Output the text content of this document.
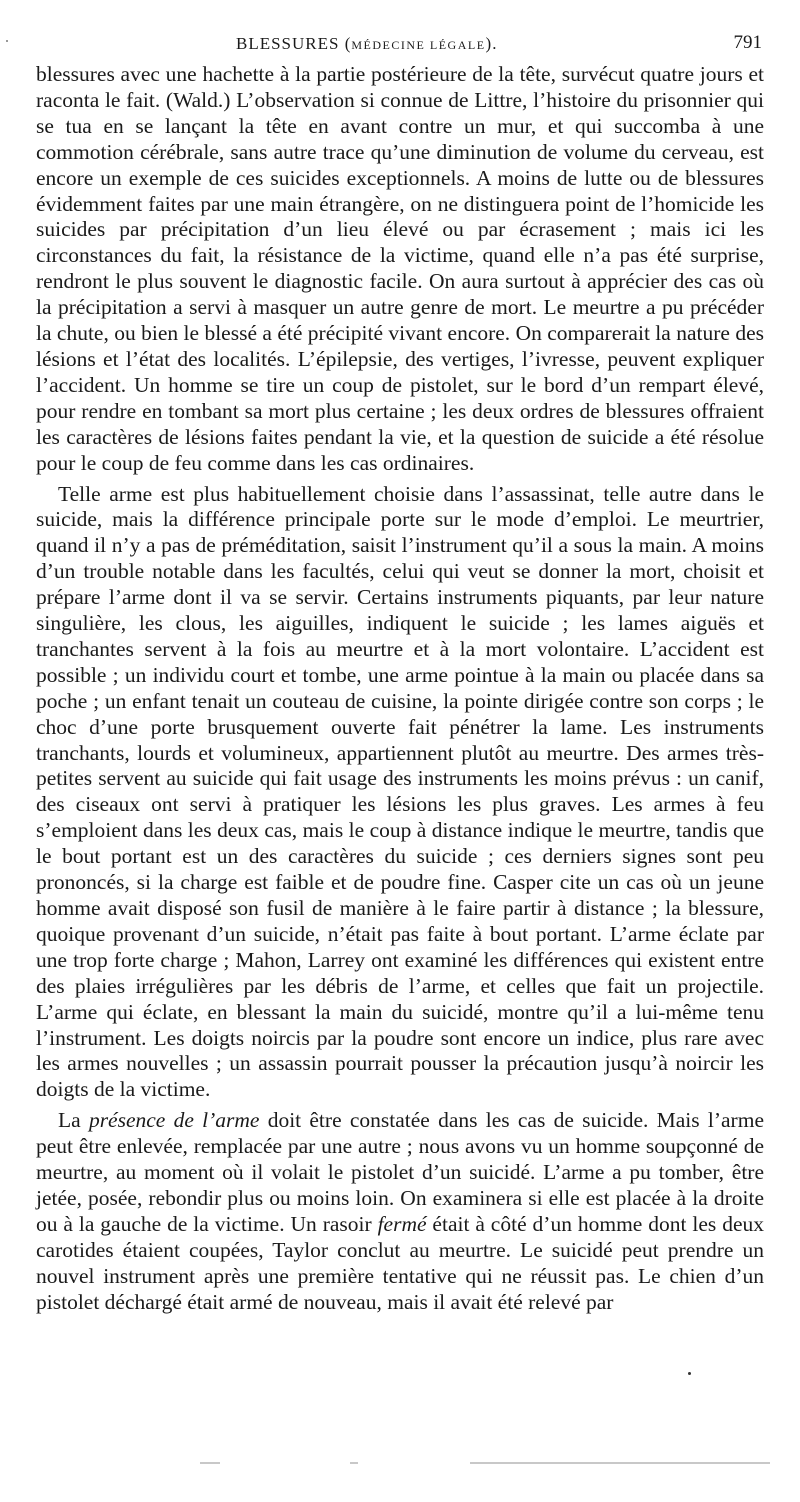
BLESSURES (MÉDECINE LÉGALE).	791

blessures avec une hachette à la partie postérieure de la tête, survécut quatre jours et raconta le fait. (Wald.) L’observation si connue de Littre, l’histoire du prisonnier qui se tua en se lançant la tête en avant contre un mur, et qui succomba à une commotion cérébrale, sans autre trace qu’une diminution de volume du cerveau, est encore un exemple de ces suicides exceptionnels. A moins de lutte ou de blessures évidemment faites par une main étrangère, on ne distinguera point de l’homicide les suicides par précipitation d’un lieu élevé ou par écrasement ; mais ici les circonstances du fait, la résistance de la victime, quand elle n’a pas été surprise, rendront le plus souvent le diagnostic facile. On aura surtout à apprécier des cas où la précipitation a servi à masquer un autre genre de mort. Le meurtre a pu précéder la chute, ou bien le blessé a été précipité vivant encore. On comparerait la nature des lésions et l’état des localités. L’épilepsie, des vertiges, l’ivresse, peuvent expliquer l’accident. Un homme se tire un coup de pistolet, sur le bord d’un rempart élevé, pour rendre en tombant sa mort plus certaine ; les deux ordres de blessures offraient les caractères de lésions faites pendant la vie, et la question de suicide a été résolue pour le coup de feu comme dans les cas ordinaires.

Telle arme est plus habituellement choisie dans l’assassinat, telle autre dans le suicide, mais la différence principale porte sur le mode d’emploi. Le meurtrier, quand il n’y a pas de préméditation, saisit l’instrument qu’il a sous la main. A moins d’un trouble notable dans les facultés, celui qui veut se donner la mort, choisit et prépare l’arme dont il va se servir. Certains instruments piquants, par leur nature singulière, les clous, les aiguilles, indiquent le suicide ; les lames aiguës et tranchantes servent à la fois au meurtre et à la mort volontaire. L’accident est possible ; un individu court et tombe, une arme pointue à la main ou placée dans sa poche ; un enfant tenait un couteau de cuisine, la pointe dirigée contre son corps ; le choc d’une porte brusquement ouverte fait pénétrer la lame. Les instruments tranchants, lourds et volumineux, appartiennent plutôt au meurtre. Des armes très-petites servent au suicide qui fait usage des instruments les moins prévus : un canif, des ciseaux ont servi à pratiquer les lésions les plus graves. Les armes à feu s’emploient dans les deux cas, mais le coup à distance indique le meurtre, tandis que le bout portant est un des caractères du suicide ; ces derniers signes sont peu prononcés, si la charge est faible et de poudre fine. Casper cite un cas où un jeune homme avait disposé son fusil de manière à le faire partir à distance ; la blessure, quoique provenant d’un suicide, n’était pas faite à bout portant. L’arme éclate par une trop forte charge ; Mahon, Larrey ont examiné les différences qui existent entre des plaies irrégulières par les débris de l’arme, et celles que fait un projectile. L’arme qui éclate, en blessant la main du suicidé, montre qu’il a lui-même tenu l’instrument. Les doigts noircis par la poudre sont encore un indice, plus rare avec les armes nouvelles ; un assassin pourrait pousser la précaution jusqu’à noircir les doigts de la victime.

La présence de l’arme doit être constatée dans les cas de suicide. Mais l’arme peut être enlevée, remplacée par une autre ; nous avons vu un homme soupçonné de meurtre, au moment où il volait le pistolet d’un suicidé. L’arme a pu tomber, être jetée, posée, rebondir plus ou moins loin. On examinera si elle est placée à la droite ou à la gauche de la victime. Un rasoir fermé était à côté d’un homme dont les deux carotides étaient coupées, Taylor conclut au meurtre. Le suicidé peut prendre un nouvel instrument après une première tentative qui ne réussit pas. Le chien d’un pistolet déchargé était armé de nouveau, mais il avait été relevé par
